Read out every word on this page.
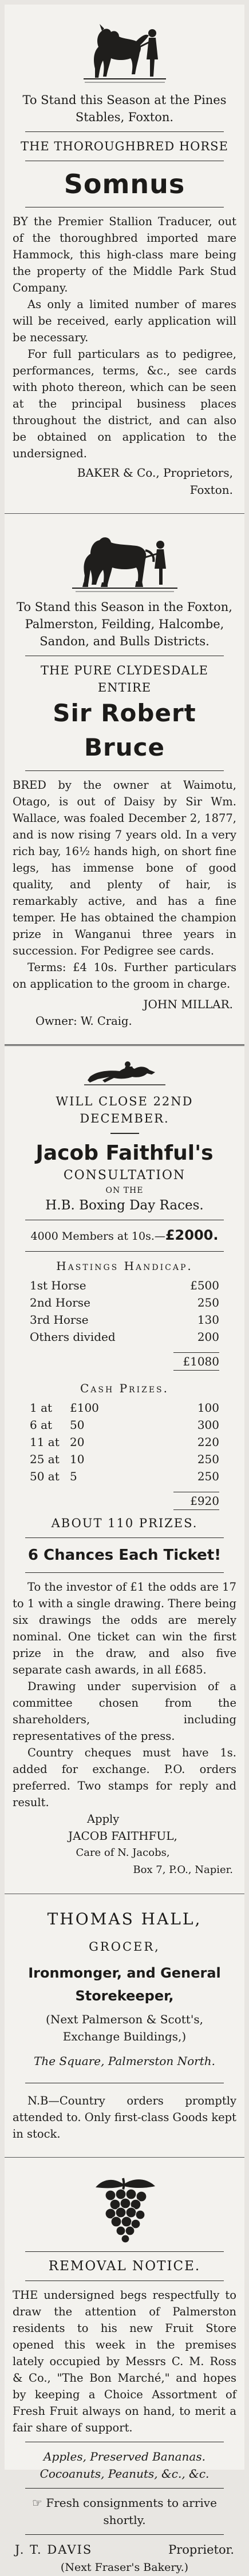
To Stand this Season at the Pines Stables, Foxton.

THE THOROUGHBRED HORSE

Somnus

BY the Premier Stallion Traducer, out of the thoroughbred imported mare Hammock, this high-class mare being the property of the Middle Park Stud Company.

As only a limited number of mares will be received, early application will be necessary.

For full particulars as to pedigree, performances, terms, &c., see cards with photo thereon, which can be seen at the principal business places throughout the district, and can also be obtained on application to the undersigned.

BAKER & Co., Proprietors,

Foxton.

To Stand this Season in the Foxton, Palmerston, Feilding, Halcombe, Sandon, and Bulls Districts.

THE PURE CLYDESDALE ENTIRE

Sir Robert Bruce

BRED by the owner at Waimotu, Otago, is out of Daisy by Sir Wm. Wallace, was foaled December 2, 1877, and is now rising 7 years old. In a very rich bay, 16½ hands high, on short fine legs, has immense bone of good quality, and plenty of hair, is remarkably active, and has a fine temper. He has obtained the champion prize in Wanganui three years in succession. For Pedigree see cards.

Terms: £4 10s. Further particulars on application to the groom in charge.

JOHN MILLAR.

Owner: W. Craig.

WILL CLOSE 22ND DECEMBER.

Jacob Faithful's

CONSULTATION

ON THE

H.B. Boxing Day Races.

4000 Members at 10s.—£2000.

Hastings Handicap.

1st Horse	£500
2nd Horse	250
3rd Horse	130
Others divided	200
£1080

Cash Prizes.

1 at	£100	100
6 at	50	300
11 at 20	220
25 at 10	250
50 at 5	250
£920

ABOUT 110 PRIZES.

6 Chances Each Ticket!

To the investor of £1 the odds are 17 to 1 with a single drawing. There being six drawings the odds are merely nominal. One ticket can win the first prize in the draw, and also five separate cash awards, in all £685.

Drawing under supervision of a committee chosen from the shareholders, including representatives of the press.

Country cheques must have 1s. added for exchange. P.O. orders preferred. Two stamps for reply and result.

Apply

JACOB FAITHFUL,

Care of N. Jacobs,

Box 7, P.O., Napier.

THOMAS HALL,

GROCER,

Ironmonger, and General

Storekeeper,

(Next Palmerson & Scott's, Exchange Buildings,)

The Square, Palmerston North.

N.B—Country orders promptly attended to. Only first-class Goods kept in stock.

REMOVAL NOTICE.

THE undersigned begs respectfully to draw the attention of Palmerston residents to his new Fruit Store opened this week in the premises lately occupied by Messrs C. M. Ross & Co., "The Bon Marché," and hopes by keeping a Choice Assortment of Fresh Fruit always on hand, to merit a fair share of support.

Apples, Preserved Bananas. Cocoanuts, Peanuts, &c., &c.

☞ Fresh consignments to arrive shortly.

J. T. DAVIS	Proprietor.

(Next Fraser's Bakery.)
